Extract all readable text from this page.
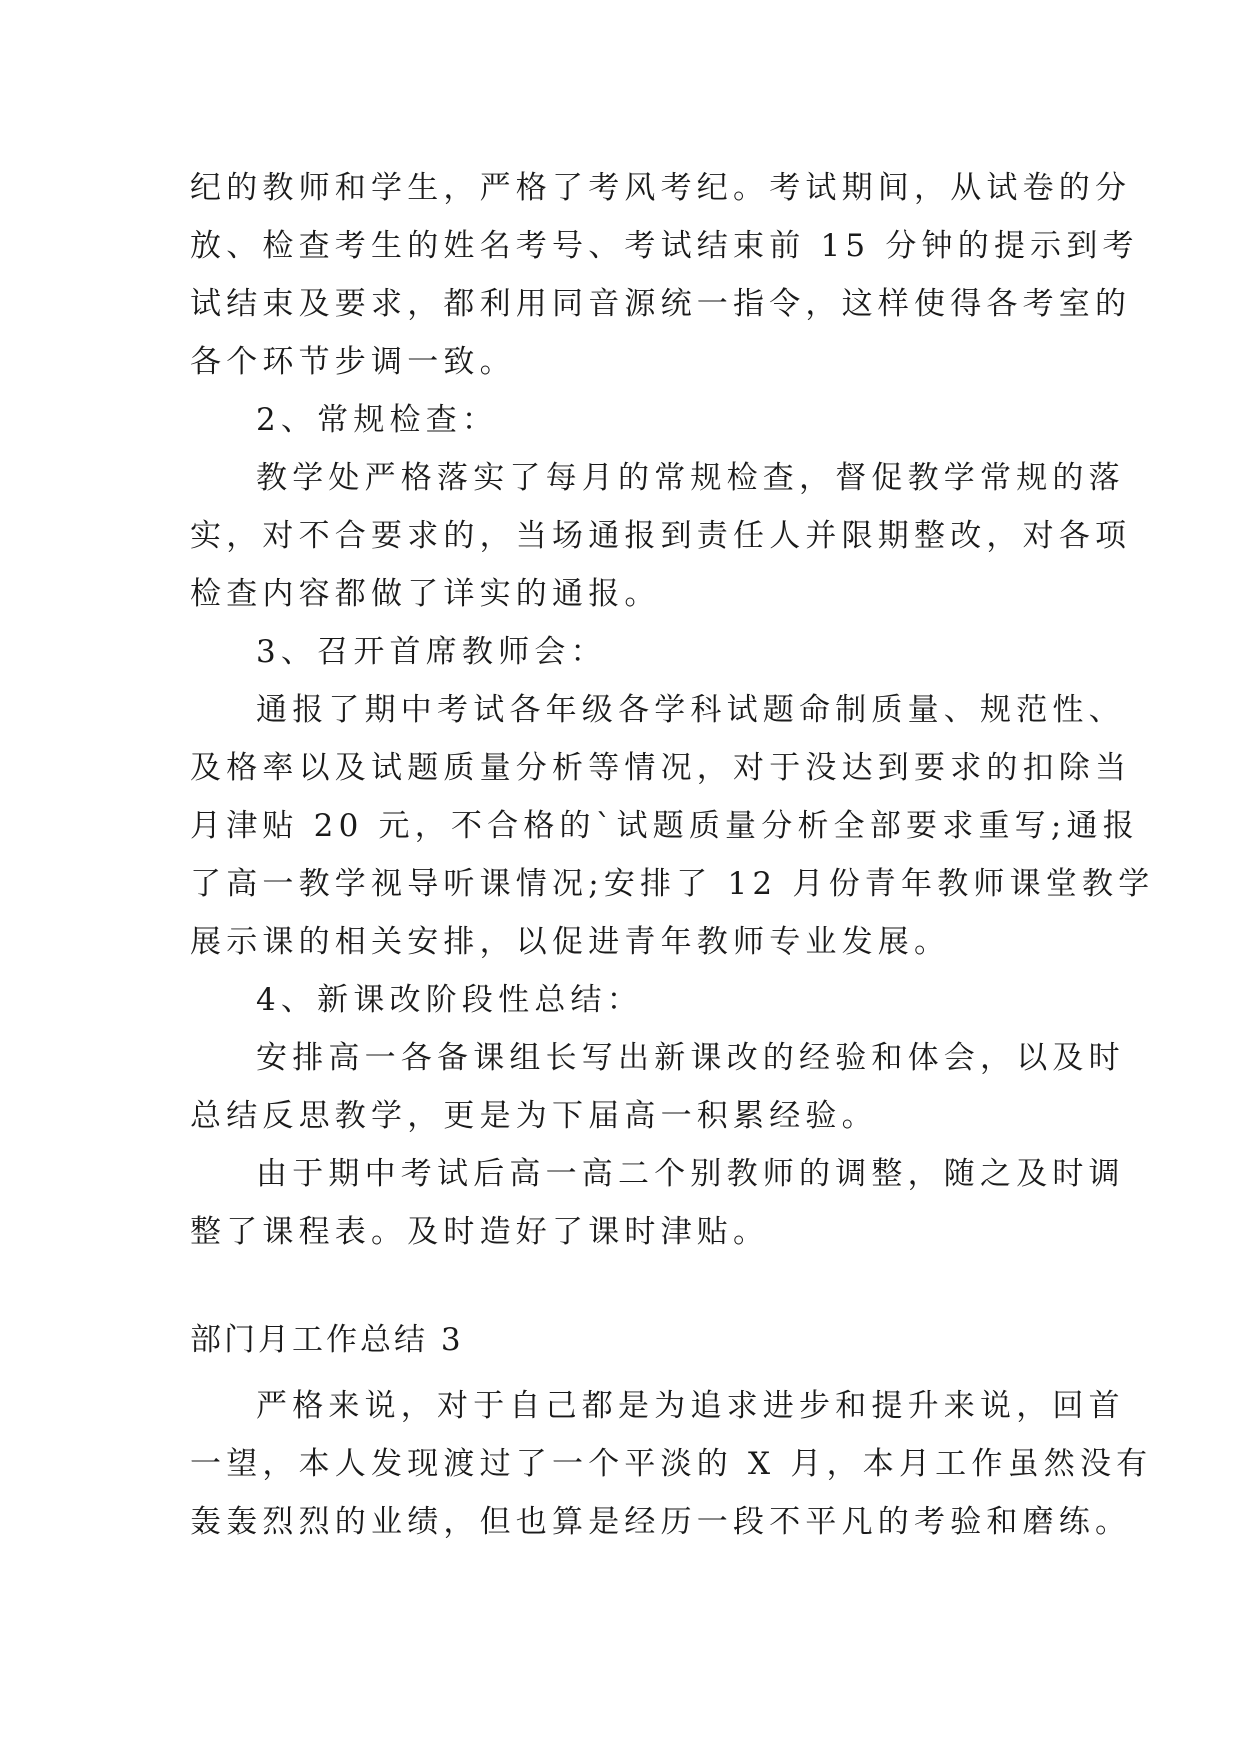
纪的教师和学生，严格了考风考纪。考试期间，从试卷的分
放、检查考生的姓名考号、考试结束前 15 分钟的提示到考
试结束及要求，都利用同音源统一指令，这样使得各考室的
各个环节步调一致。
2、常规检查：
教学处严格落实了每月的常规检查，督促教学常规的落
实，对不合要求的，当场通报到责任人并限期整改，对各项
检查内容都做了详实的通报。
3、召开首席教师会：
通报了期中考试各年级各学科试题命制质量、规范性、
及格率以及试题质量分析等情况，对于没达到要求的扣除当
月津贴 20 元，不合格的`试题质量分析全部要求重写;通报
了高一教学视导听课情况;安排了 12 月份青年教师课堂教学
展示课的相关安排，以促进青年教师专业发展。
4、新课改阶段性总结：
安排高一各备课组长写出新课改的经验和体会，以及时
总结反思教学，更是为下届高一积累经验。
由于期中考试后高一高二个别教师的调整，随之及时调
整了课程表。及时造好了课时津贴。
部门月工作总结 3
严格来说，对于自己都是为追求进步和提升来说，回首
一望，本人发现渡过了一个平淡的 X 月，本月工作虽然没有
轰轰烈烈的业绩，但也算是经历一段不平凡的考验和磨练。
